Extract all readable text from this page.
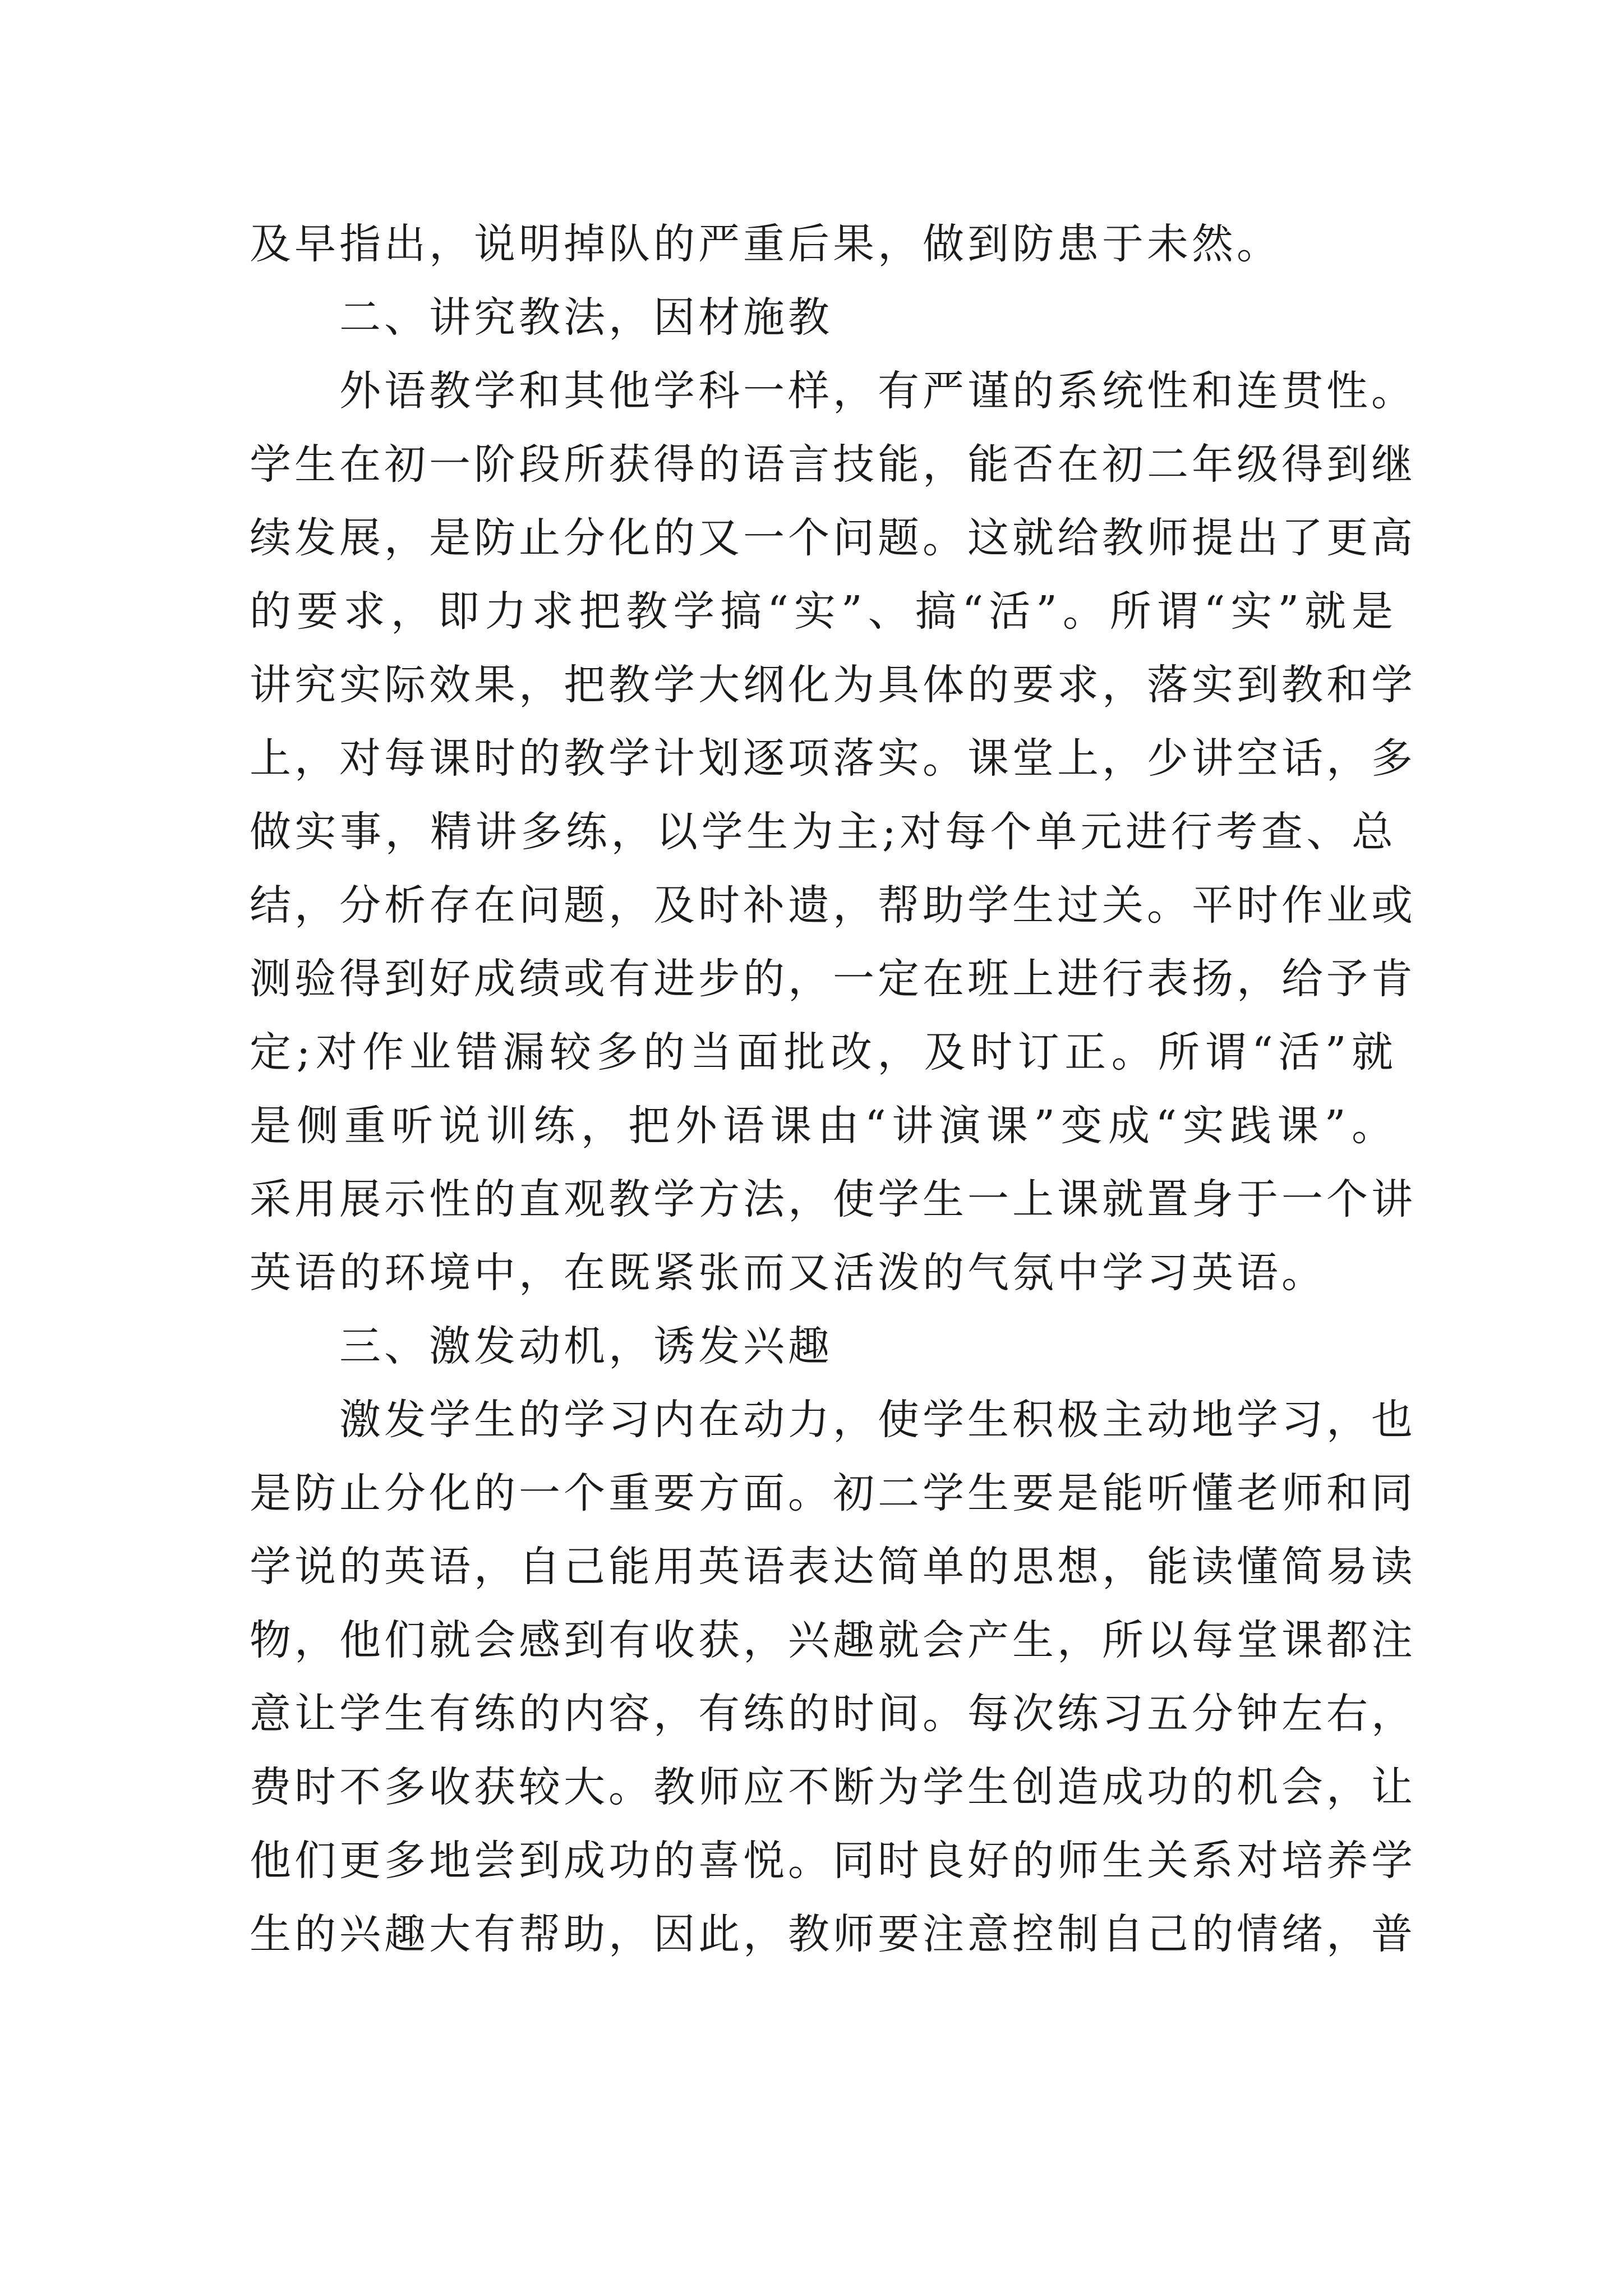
及早指出，说明掉队的严重后果，做到防患于未然。
二、讲究教法，因材施教
外语教学和其他学科一样，有严谨的系统性和连贯性。
学生在初一阶段所获得的语言技能，能否在初二年级得到继
续发展，是防止分化的又一个问题。这就给教师提出了更高
的要求，即力求把教学搞“实”、搞“活”。所谓“实”就是
讲究实际效果，把教学大纲化为具体的要求，落实到教和学
上，对每课时的教学计划逐项落实。课堂上，少讲空话，多
做实事，精讲多练，以学生为主;对每个单元进行考查、总
结，分析存在问题，及时补遗，帮助学生过关。平时作业或
测验得到好成绩或有进步的，一定在班上进行表扬，给予肯
定;对作业错漏较多的当面批改，及时订正。所谓“活”就
是侧重听说训练，把外语课由“讲演课”变成“实践课”。
采用展示性的直观教学方法，使学生一上课就置身于一个讲
英语的环境中，在既紧张而又活泼的气氛中学习英语。
三、激发动机，诱发兴趣
激发学生的学习内在动力，使学生积极主动地学习，也
是防止分化的一个重要方面。初二学生要是能听懂老师和同
学说的英语，自己能用英语表达简单的思想，能读懂简易读
物，他们就会感到有收获，兴趣就会产生，所以每堂课都注
意让学生有练的内容，有练的时间。每次练习五分钟左右，
费时不多收获较大。教师应不断为学生创造成功的机会，让
他们更多地尝到成功的喜悦。同时良好的师生关系对培养学
生的兴趣大有帮助，因此，教师要注意控制自己的情绪，普
